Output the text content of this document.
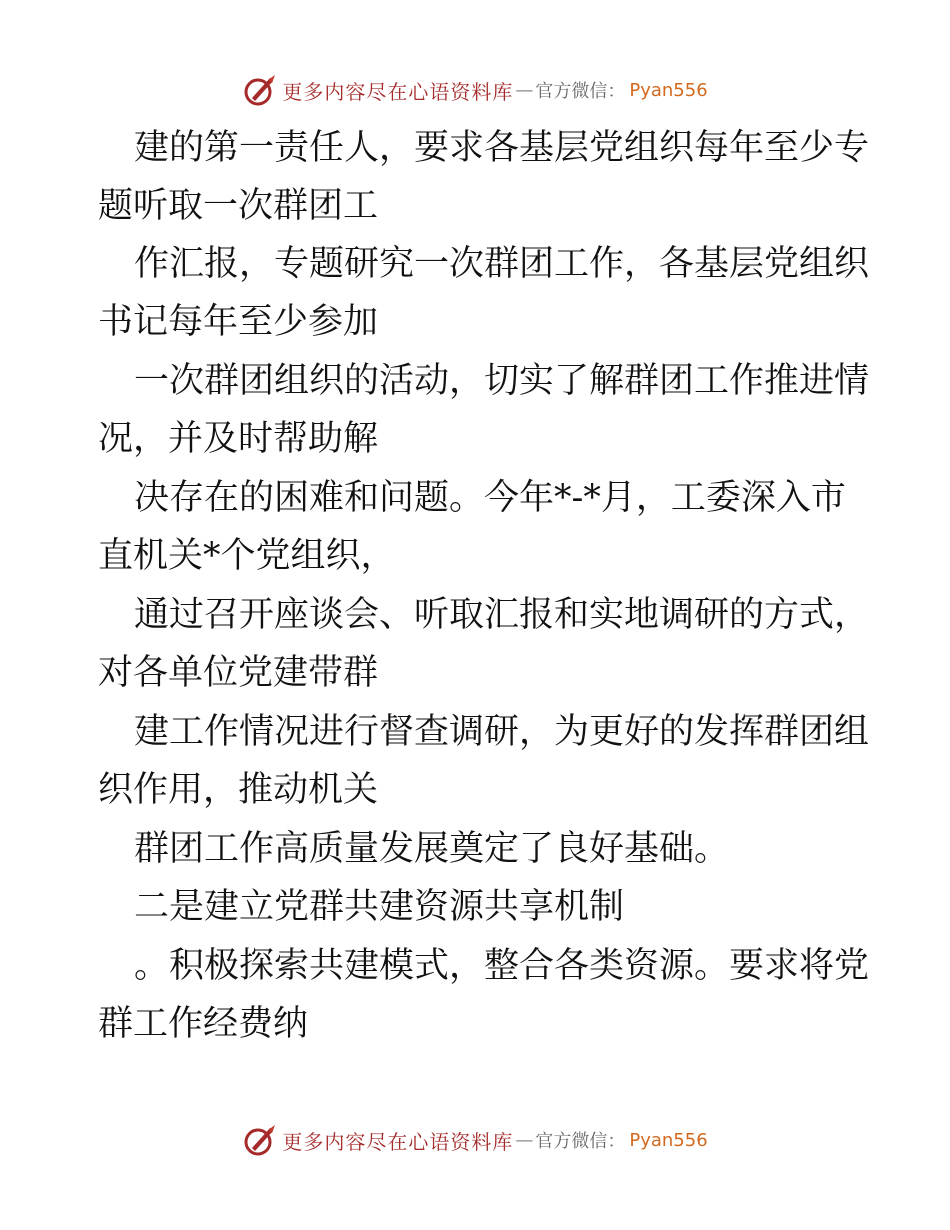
更多内容尽在心语资料库 — 官方微信： Pyan556
建的第一责任人，要求各基层党组织每年至少专
题听取一次群团工
作汇报，专题研究一次群团工作，各基层党组织
书记每年至少参加
一次群团组织的活动，切实了解群团工作推进情
况，并及时帮助解
决存在的困难和问题。今年*-*月，工委深入市
直机关*个党组织，
通过召开座谈会、听取汇报和实地调研的方式，
对各单位党建带群
建工作情况进行督查调研，为更好的发挥群团组
织作用，推动机关
群团工作高质量发展奠定了良好基础。
二是建立党群共建资源共享机制
。积极探索共建模式，整合各类资源。要求将党
群工作经费纳
更多内容尽在心语资料库 — 官方微信： Pyan556
